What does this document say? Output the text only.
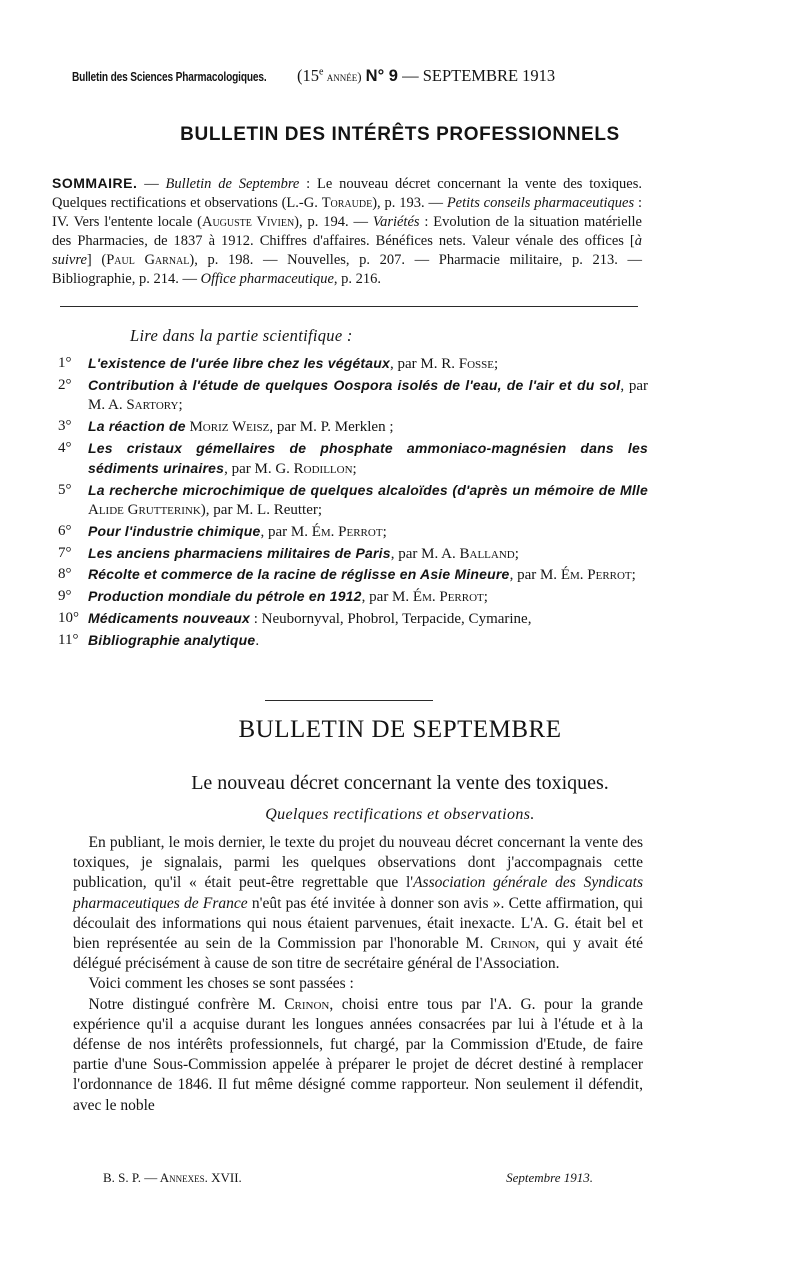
Bulletin des Sciences Pharmacologiques. (15e année) N° 9 — SEPTEMBRE 1913
BULLETIN DES INTÉRÊTS PROFESSIONNELS
SOMMAIRE. — Bulletin de Septembre : Le nouveau décret concernant la vente des toxiques. Quelques rectifications et observations (L.-G. Toraude), p. 193. — Petits conseils pharmaceutiques : IV. Vers l'entente locale (Auguste Vivien), p. 194. — Variétés : Evolution de la situation matérielle des Pharmacies, de 1837 à 1912. Chiffres d'affaires. Bénéfices nets. Valeur vénale des offices [à suivre] (Paul Garnal), p. 198. — Nouvelles, p. 207. — Pharmacie militaire, p. 213. — Bibliographie, p. 214. — Office pharmaceutique, p. 216.
Lire dans la partie scientifique :
1°	L'existence de l'urée libre chez les végétaux, par M. R. Fosse;
2°	Contribution à l'étude de quelques Oospora isolés de l'eau, de l'air et du sol, par M. A. Sartory;
3°	La réaction de Moriz Weisz, par M. P. Merklen ;
4°	Les cristaux gémellaires de phosphate ammoniaco-magnésien dans les sédiments urinaires, par M. G. Rodillon;
5°	La recherche microchimique de quelques alcaloïdes (d'après un mémoire de Mlle Alide Grutterink), par M. L. Reutter;
6°	Pour l'industrie chimique, par M. Ém. Perrot;
7°	Les anciens pharmaciens militaires de Paris, par M. A. Balland;
8°	Récolte et commerce de la racine de réglisse en Asie Mineure, par M. Ém. Perrot;
9°	Production mondiale du pétrole en 1912, par M. Ém. Perrot;
10° Médicaments nouveaux : Neubornyval, Phobrol, Terpacide, Cymarine,
11° Bibliographie analytique.
BULLETIN DE SEPTEMBRE
Le nouveau décret concernant la vente des toxiques.
Quelques rectifications et observations.

 En publiant, le mois dernier, le texte du projet du nouveau décret concernant la vente des toxiques, je signalais, parmi les quelques observations dont j'accompagnais cette publication, qu'il « était peut-être regrettable que l'Association générale des Syndicats pharmaceutiques de France n'eût pas été invitée à donner son avis ». Cette affirmation, qui découlait des informations qui nous étaient parvenues, était inexacte. L'A. G. était bel et bien représentée au sein de la Commission par l'honorable M. Crinon, qui y avait été délégué précisément à cause de son titre de secrétaire général de l'Association.

 Voici comment les choses se sont passées :

 Notre distingué confrère M. Crinon, choisi entre tous par l'A. G. pour la grande expérience qu'il a acquise durant les longues années consacrées par lui à l'étude et à la défense de nos intérêts professionnels, fut chargé, par la Commission d'Etude, de faire partie d'une Sous-Commission appelée à préparer le projet de décret destiné à remplacer l'ordonnance de 1846. Il fut même désigné comme rapporteur. Non seulement il défendit, avec le noble

B. S. P. — Annexes. XVII.	Septembre 1913.
